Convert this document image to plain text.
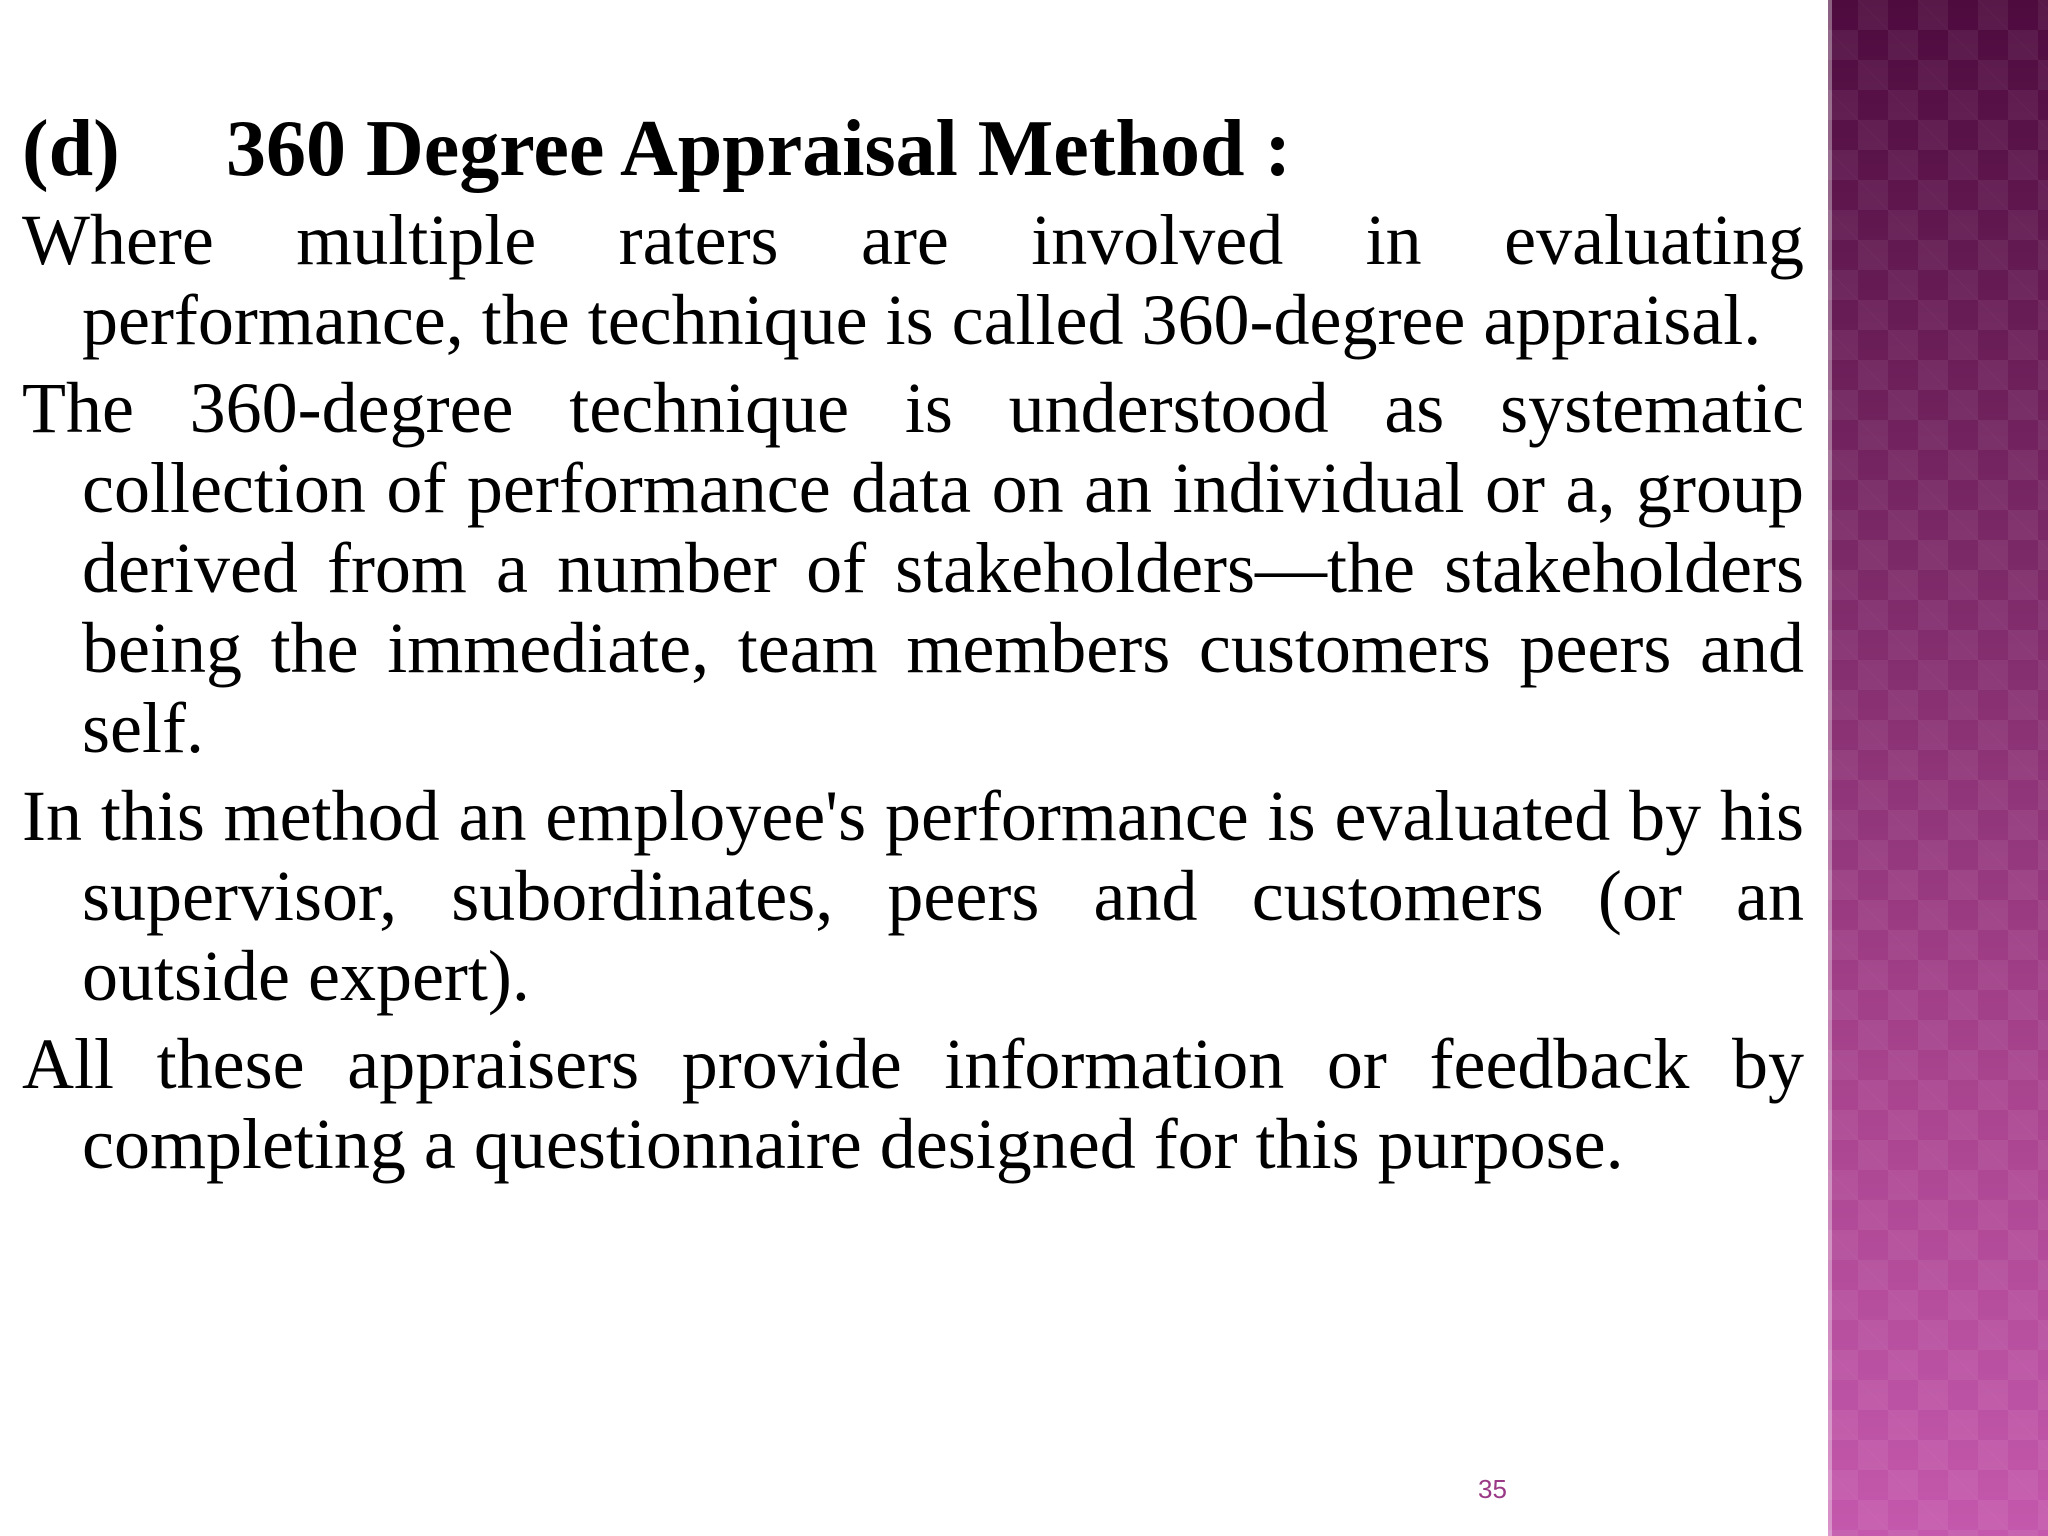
(d) 360 Degree Appraisal Method :

Where multiple raters are involved in evaluating performance, the technique is called 360-degree appraisal.

The 360-degree technique is understood as systematic collection of performance data on an individual or a, group derived from a number of stakeholders—the stakeholders being the immediate, team members customers peers and self.

In this method an employee's performance is evaluated by his supervisor, subordinates, peers and customers (or an outside expert).

All these appraisers provide information or feedback by completing a questionnaire designed for this purpose.

35
